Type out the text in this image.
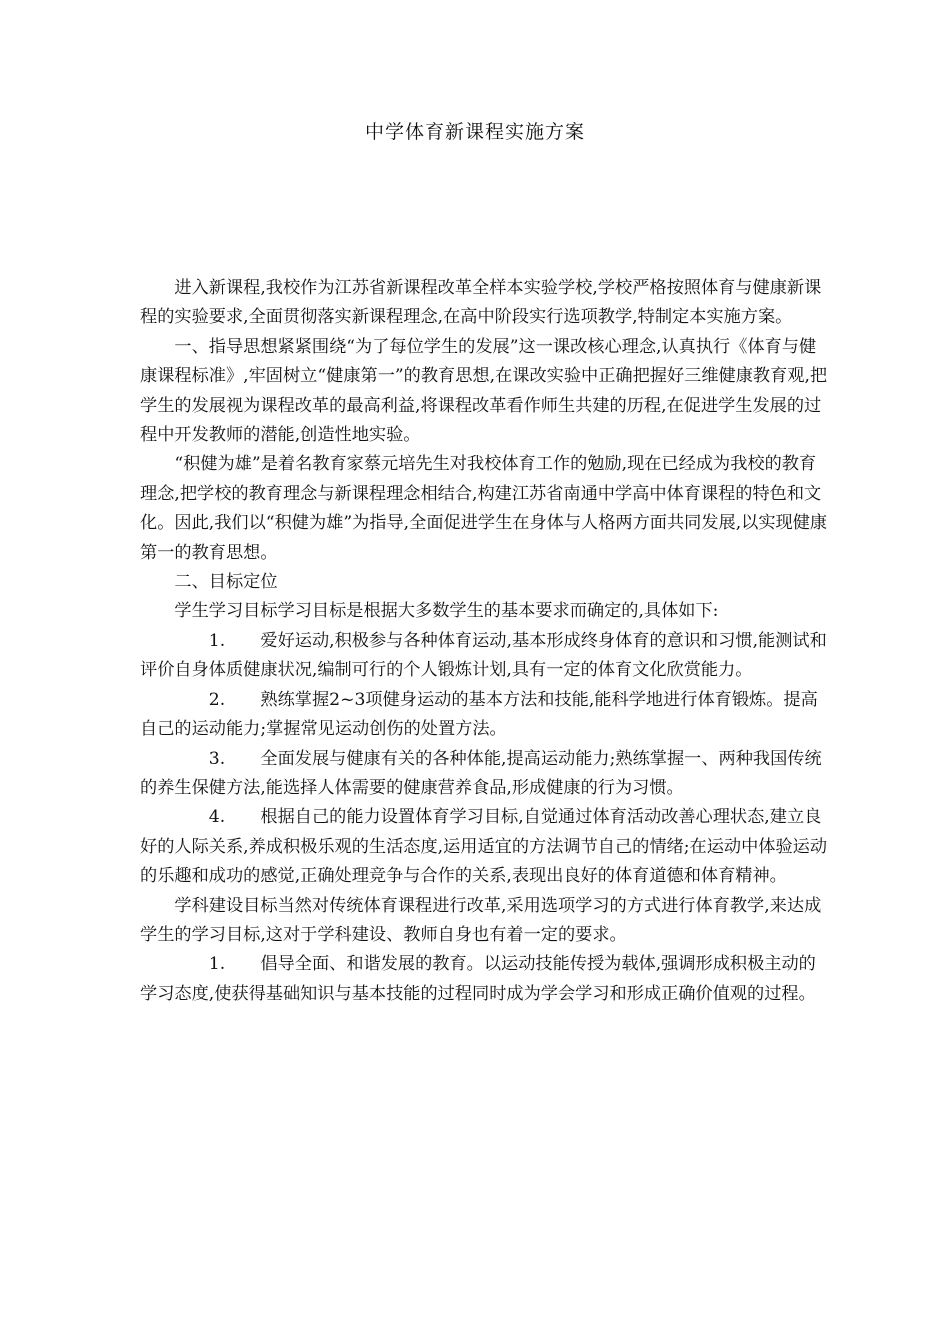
中学体育新课程实施方案

进入新课程,我校作为江苏省新课程改革全样本实验学校,学校严格按照体育与健康新课程的实验要求,全面贯彻落实新课程理念,在高中阶段实行选项教学,特制定本实施方案。

一、指导思想紧紧围绕“为了每位学生的发展”这一课改核心理念,认真执行《体育与健康课程标准》,牢固树立“健康第一”的教育思想,在课改实验中正确把握好三维健康教育观,把学生的发展视为课程改革的最高利益,将课程改革看作师生共建的历程,在促进学生发展的过程中开发教师的潜能,创造性地实验。

“积健为雄”是着名教育家蔡元培先生对我校体育工作的勉励,现在已经成为我校的教育理念,把学校的教育理念与新课程理念相结合,构建江苏省南通中学高中体育课程的特色和文化。因此,我们以“积健为雄”为指导,全面促进学生在身体与人格两方面共同发展,以实现健康第一的教育思想。

二、目标定位

学生学习目标学习目标是根据大多数学生的基本要求而确定的,具体如下:

1. 爱好运动,积极参与各种体育运动,基本形成终身体育的意识和习惯,能测试和评价自身体质健康状况,编制可行的个人锻炼计划,具有一定的体育文化欣赏能力。

2. 熟练掌握2~3项健身运动的基本方法和技能,能科学地进行体育锻炼。提高自己的运动能力;掌握常见运动创伤的处置方法。

3. 全面发展与健康有关的各种体能,提高运动能力;熟练掌握一、两种我国传统的养生保健方法,能选择人体需要的健康营养食品,形成健康的行为习惯。

4. 根据自己的能力设置体育学习目标,自觉通过体育活动改善心理状态,建立良好的人际关系,养成积极乐观的生活态度,运用适宜的方法调节自己的情绪;在运动中体验运动的乐趣和成功的感觉,正确处理竞争与合作的关系,表现出良好的体育道德和体育精神。

学科建设目标当然对传统体育课程进行改革,采用选项学习的方式进行体育教学,来达成学生的学习目标,这对于学科建设、教师自身也有着一定的要求。

1. 倡导全面、和谐发展的教育。以运动技能传授为载体,强调形成积极主动的学习态度,使获得基础知识与基本技能的过程同时成为学会学习和形成正确价值观的过程。
